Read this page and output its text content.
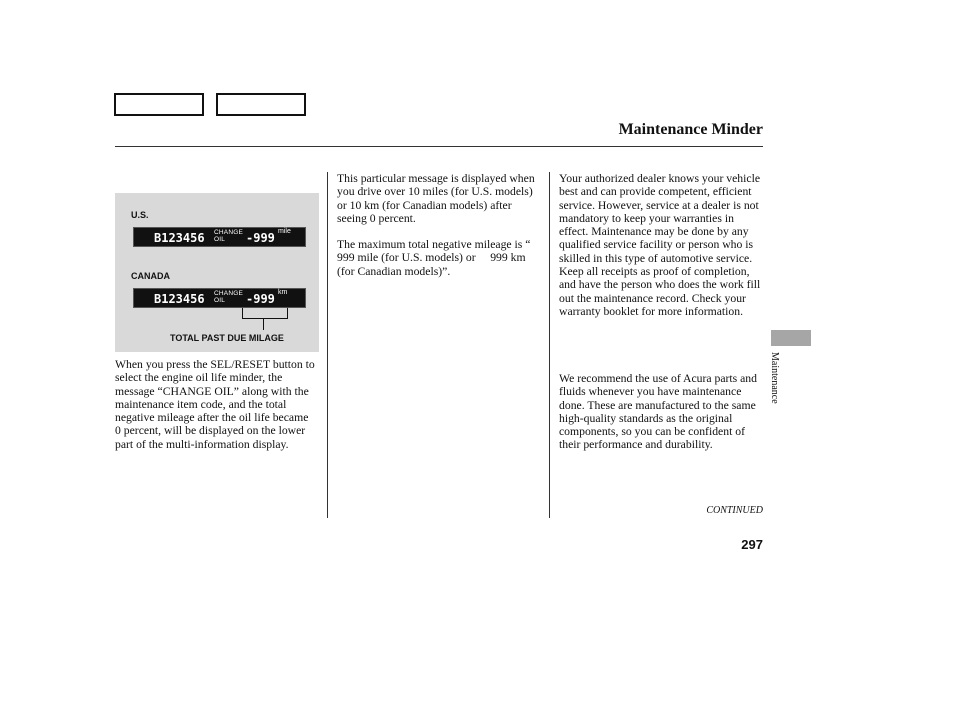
Maintenance Minder
U.S.
B123456 CHANGE
OIL	-999 mile
CANADA
B123456 CHANGE
OIL	-999 km
TOTAL PAST DUE MILAGE

When you press the SEL/RESET button to select the engine oil life minder, the message “CHANGE OIL” along with the maintenance item code, and the total negative mileage after the oil life became 0 percent, will be displayed on the lower part of the multi-information display.

This particular message is displayed when you drive over 10 miles (for U.S. models) or 10 km (for Canadian models) after seeing 0 percent.

The maximum total negative mileage is “    999 mile (for U.S. models) or     999 km (for Canadian models)”.

Your authorized dealer knows your vehicle best and can provide competent, efficient service. However, service at a dealer is not mandatory to keep your warranties in effect. Maintenance may be done by any qualified service facility or person who is skilled in this type of automotive service. Keep all receipts as proof of completion, and have the person who does the work fill out the maintenance record. Check your warranty booklet for more information.

We recommend the use of Acura parts and fluids whenever you have maintenance done. These are manufactured to the same high-quality standards as the original components, so you can be confident of their performance and durability.

Maintenance
CONTINUED
297
